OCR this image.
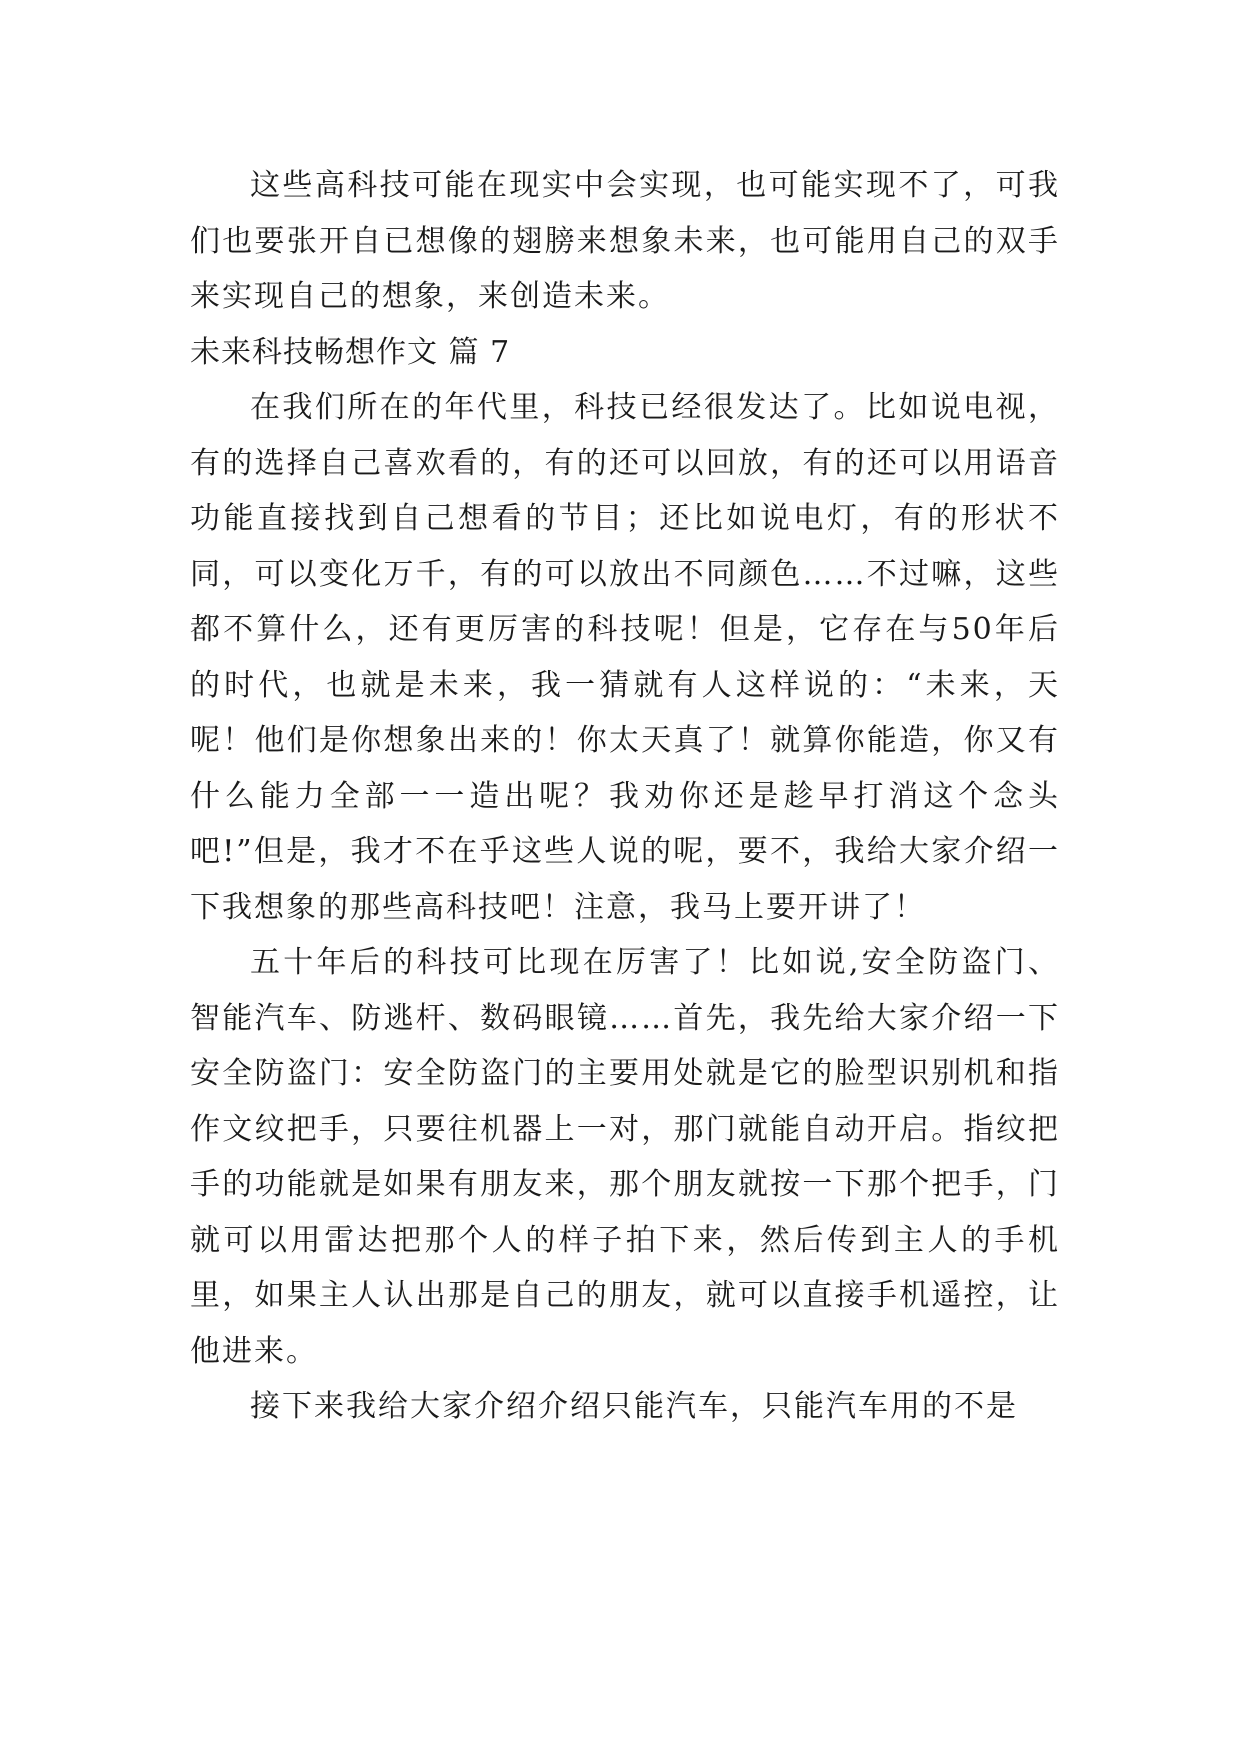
这些高科技可能在现实中会实现，也可能实现不了，可我们也要张开自已想像的翅膀来想象未来，也可能用自己的双手来实现自己的想象，来创造未来。

未来科技畅想作文 篇 7

在我们所在的年代里，科技已经很发达了。比如说电视，有的选择自己喜欢看的，有的还可以回放，有的还可以用语音功能直接找到自己想看的节目；还比如说电灯，有的形状不同，可以变化万千，有的可以放出不同颜色……不过嘛，这些都不算什么，还有更厉害的科技呢！但是，它存在与50年后的时代，也就是未来，我一猜就有人这样说的：“未来，天呢！他们是你想象出来的！你太天真了！就算你能造，你又有什么能力全部一一造出呢？我劝你还是趁早打消这个念头吧!”但是，我才不在乎这些人说的呢，要不，我给大家介绍一下我想象的那些高科技吧！注意，我马上要开讲了！

五十年后的科技可比现在厉害了！比如说,安全防盗门、智能汽车、防逃杆、数码眼镜……首先，我先给大家介绍一下安全防盗门：安全防盗门的主要用处就是它的脸型识别机和指作文纹把手，只要往机器上一对，那门就能自动开启。指纹把手的功能就是如果有朋友来，那个朋友就按一下那个把手，门就可以用雷达把那个人的样子拍下来，然后传到主人的手机里，如果主人认出那是自己的朋友，就可以直接手机遥控，让他进来。

接下来我给大家介绍介绍只能汽车，只能汽车用的不是
